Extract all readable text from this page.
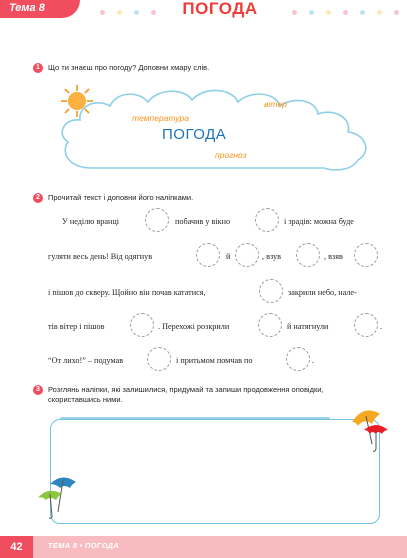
Тема 8	ПОГОДА
1	Що ти знаєш про погоду? Доповни хмару слів.
вітер
температура
ПОГОДА
прогноз
2	Прочитай текст і доповни його наліпками.
У неділю вранці	побачив у вікно	і зрадів: можна буде
гуляти весь день! Від одягнув	й	, взув	, взяв
і пішов до скверу. Щойно він почав кататися,	закрили небо, нале-
тів вітер і пішов	. Перехожі розкрили	й натягнули	.
“От лихо!” – подумав	і притьмом помчав по	.
3	Розглянь наліпки, які залишилися, придумай та запиши продовження оповідки,
скориставшись ними.
42	ТЕМА 8 • ПОГОДА
